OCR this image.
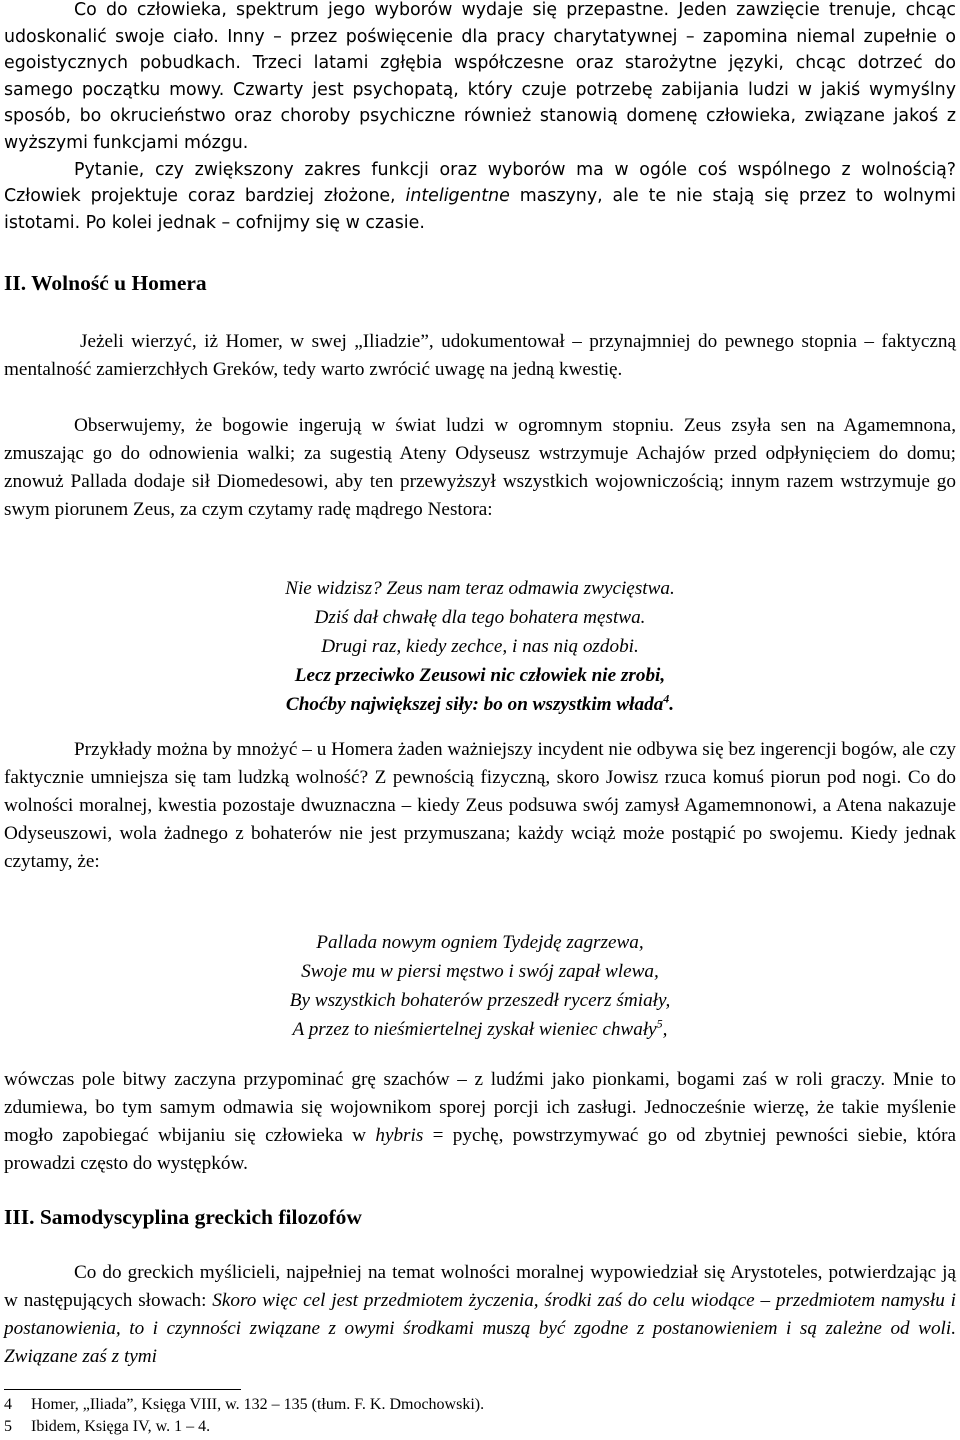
Co do człowieka, spektrum jego wyborów wydaje się przepastne. Jeden zawzięcie trenuje, chcąc udoskonalić swoje ciało. Inny – przez poświęcenie dla pracy charytatywnej – zapomina niemal zupełnie o egoistycznych pobudkach. Trzeci latami zgłębia współczesne oraz starożytne języki, chcąc dotrzeć do samego początku mowy. Czwarty jest psychopatą, który czuje potrzebę zabijania ludzi w jakiś wymyślny sposób, bo okrucieństwo oraz choroby psychiczne również stanowią domenę człowieka, związane jakoś z wyższymi funkcjami mózgu.

Pytanie, czy zwiększony zakres funkcji oraz wyborów ma w ogóle coś wspólnego z wolnością? Człowiek projektuje coraz bardziej złożone, inteligentne maszyny, ale te nie stają się przez to wolnymi istotami. Po kolei jednak – cofnijmy się w czasie.

II. Wolność u Homera

Jeżeli wierzyć, iż Homer, w swej „Iliadzie”, udokumentował – przynajmniej do pewnego stopnia – faktyczną mentalność zamierzchłych Greków, tedy warto zwrócić uwagę na jedną kwestię.

Obserwujemy, że bogowie ingerują w świat ludzi w ogromnym stopniu. Zeus zsyła sen na Agamemnona, zmuszając go do odnowienia walki; za sugestią Ateny Odyseusz wstrzymuje Achajów przed odpłynięciem do domu; znowuż Pallada dodaje sił Diomedesowi, aby ten przewyższył wszystkich wojowniczością; innym razem wstrzymuje go swym piorunem Zeus, za czym czytamy radę mądrego Nestora:

Nie widzisz? Zeus nam teraz odmawia zwycięstwa.
Dziś dał chwałę dla tego bohatera męstwa.
Drugi raz, kiedy zechce, i nas nią ozdobi.
Lecz przeciwko Zeusowi nic człowiek nie zrobi,
Choćby największej siły: bo on wszystkim włada$^4$.

Przykłady można by mnożyć – u Homera żaden ważniejszy incydent nie odbywa się bez ingerencji bogów, ale czy faktycznie umniejsza się tam ludzką wolność? Z pewnością fizyczną, skoro Jowisz rzuca komuś piorun pod nogi. Co do wolności moralnej, kwestia pozostaje dwuznaczna – kiedy Zeus podsuwa swój zamysł Agamemnonowi, a Atena nakazuje Odyseuszowi, wola żadnego z bohaterów nie jest przymuszana; każdy wciąż może postąpić po swojemu. Kiedy jednak czytamy, że:

Pallada nowym ogniem Tydejdę zagrzewa,
Swoje mu w piersi męstwo i swój zapał wlewa,
By wszystkich bohaterów przeszedł rycerz śmiały,
A przez to nieśmiertelnej zyskał wieniec chwały$^5$,

wówczas pole bitwy zaczyna przypominać grę szachów – z ludźmi jako pionkami, bogami zaś w roli graczy. Mnie to zdumiewa, bo tym samym odmawia się wojownikom sporej porcji ich zasługi. Jednocześnie wierzę, że takie myślenie mogło zapobiegać wbijaniu się człowieka w hybris = pychę, powstrzymywać go od zbytniej pewności siebie, która prowadzi często do występków.

III. Samodyscyplina greckich filozofów

Co do greckich myślicieli, najpełniej na temat wolności moralnej wypowiedział się Arystoteles, potwierdzając ją w następujących słowach: Skoro więc cel jest przedmiotem życzenia, środki zaś do celu wiodące – przedmiotem namysłu i postanowienia, to i czynności związane z owymi środkami muszą być zgodne z postanowieniem i są zależne od woli. Związane zaś z tymi

4 Homer, „Iliada”, Księga VIII, w. 132 – 135 (tłum. F. K. Dmochowski).
5 Ibidem, Księga IV, w. 1 – 4.
